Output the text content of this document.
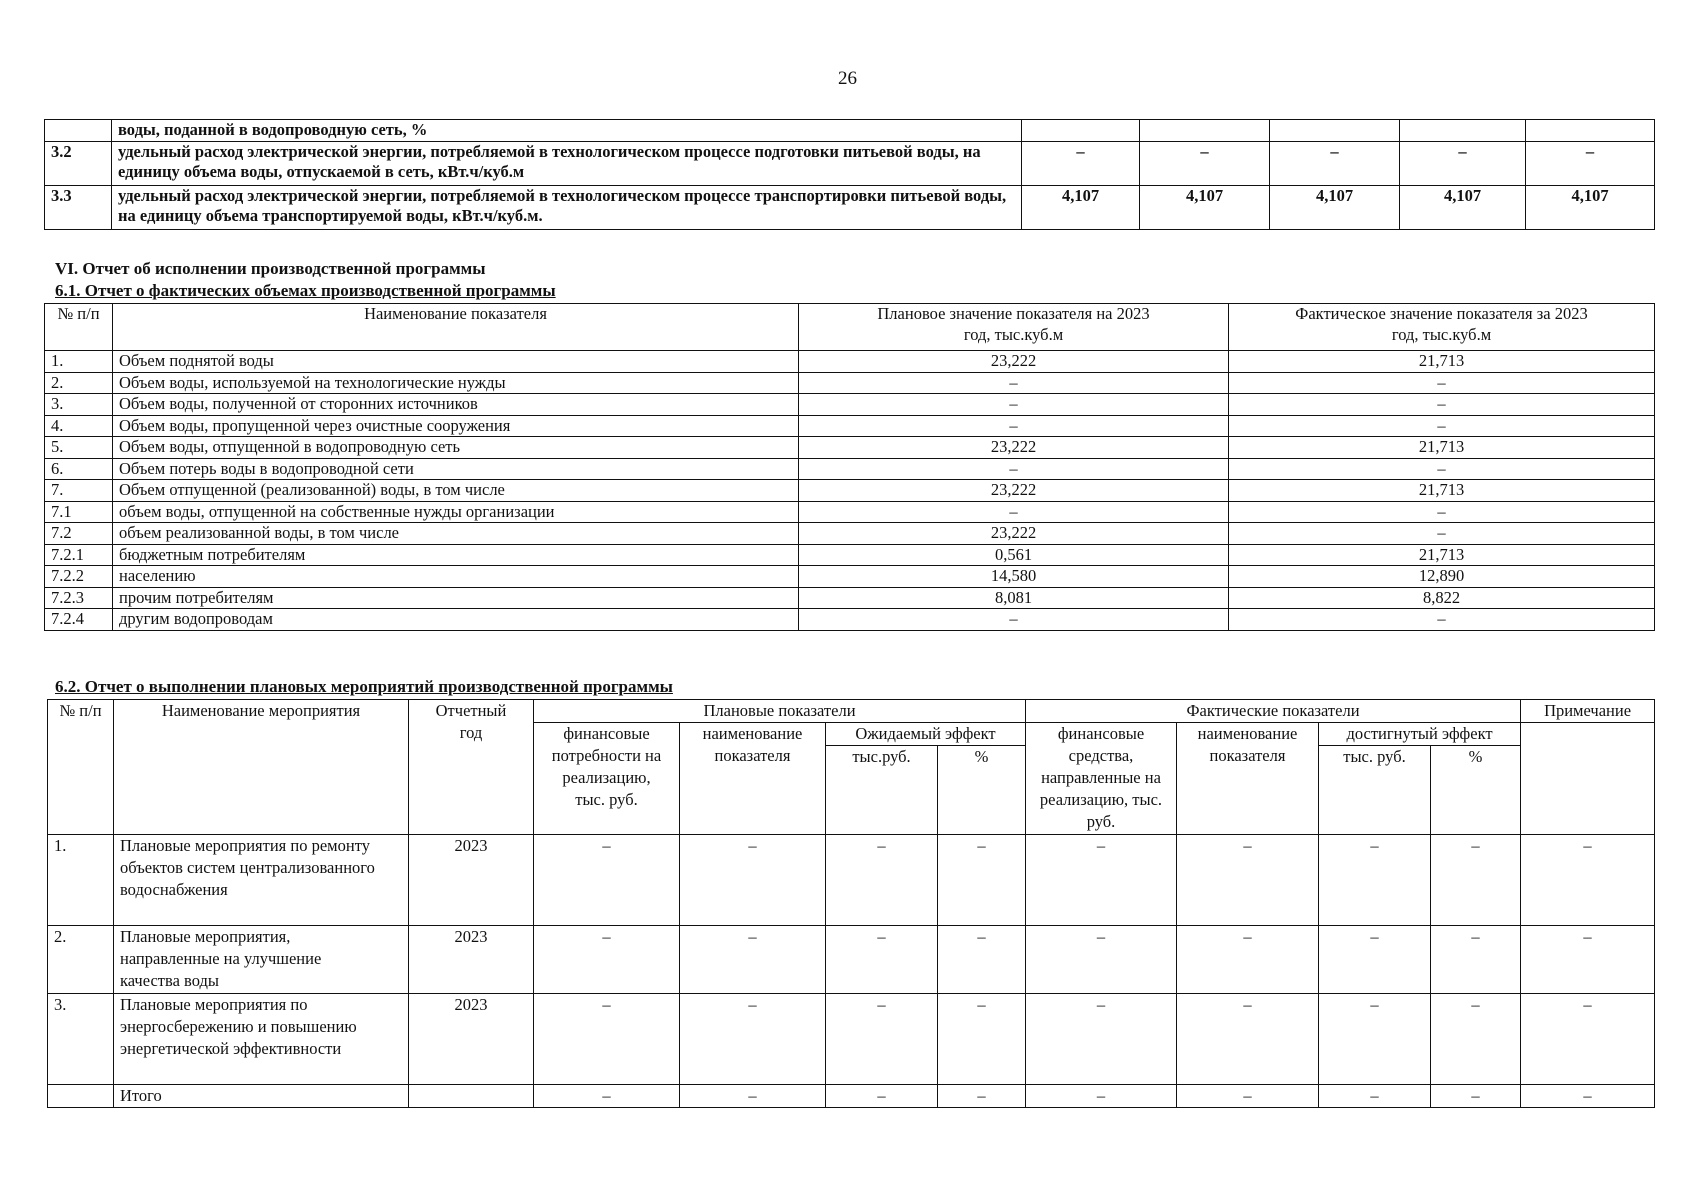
26
	воды, поданной в водопроводную сеть, %					
3.2	удельный расход электрической энергии, потребляемой в технологическом процессе подготовки питьевой воды, на единицу объема воды, отпускаемой в сеть, кВт.ч/куб.м	–	–	–	–	–
3.3	удельный расход электрической энергии, потребляемой в технологическом процессе транспортировки питьевой воды, на единицу объема транспортируемой воды, кВт.ч/куб.м.	4,107	4,107	4,107	4,107	4,107
VI. Отчет об исполнении производственной программы
6.1. Отчет о фактических объемах производственной программы
№ п/п	Наименование показателя	Плановое значение показателя на 2023 год, тыс.куб.м	Фактическое значение показателя за 2023 год, тыс.куб.м
1.	Объем поднятой воды	23,222	21,713
2.	Объем воды, используемой на технологические нужды	–	–
3.	Объем воды, полученной от сторонних источников	–	–
4.	Объем воды, пропущенной через очистные сооружения	–	–
5.	Объем воды, отпущенной в водопроводную сеть	23,222	21,713
6.	Объем потерь воды в водопроводной сети	–	–
7.	Объем отпущенной (реализованной) воды, в том числе	23,222	21,713
7.1	объем воды, отпущенной на собственные нужды организации	–	–
7.2	объем реализованной воды, в том числе	23,222	–
7.2.1	бюджетным потребителям	0,561	21,713
7.2.2	населению	14,580	12,890
7.2.3	прочим потребителям	8,081	8,822
7.2.4	другим водопроводам	–	–
6.2. Отчет о выполнении плановых мероприятий производственной программы
№ п/п	Наименование мероприятия	Отчетный год	Плановые показатели				Фактические показатели				Примечание
			финансовые потребности на реализацию, тыс. руб.	наименование показателя	Ожидаемый эффект		финансовые средства, направленные на реализацию, тыс. руб.	наименование показателя	достигнутый эффект		
					тыс.руб.	%			тыс. руб.	%	
1.	Плановые мероприятия по ремонту объектов систем централизованного водоснабжения	2023	–	–	–	–	–	–	–	–	–
2.	Плановые мероприятия, направленные на улучшение качества воды	2023	–	–	–	–	–	–	–	–	–
3.	Плановые мероприятия по энергосбережению и повышению энергетической эффективности	2023	–	–	–	–	–	–	–	–	–
	Итого		–	–	–	–	–	–	–	–	–
